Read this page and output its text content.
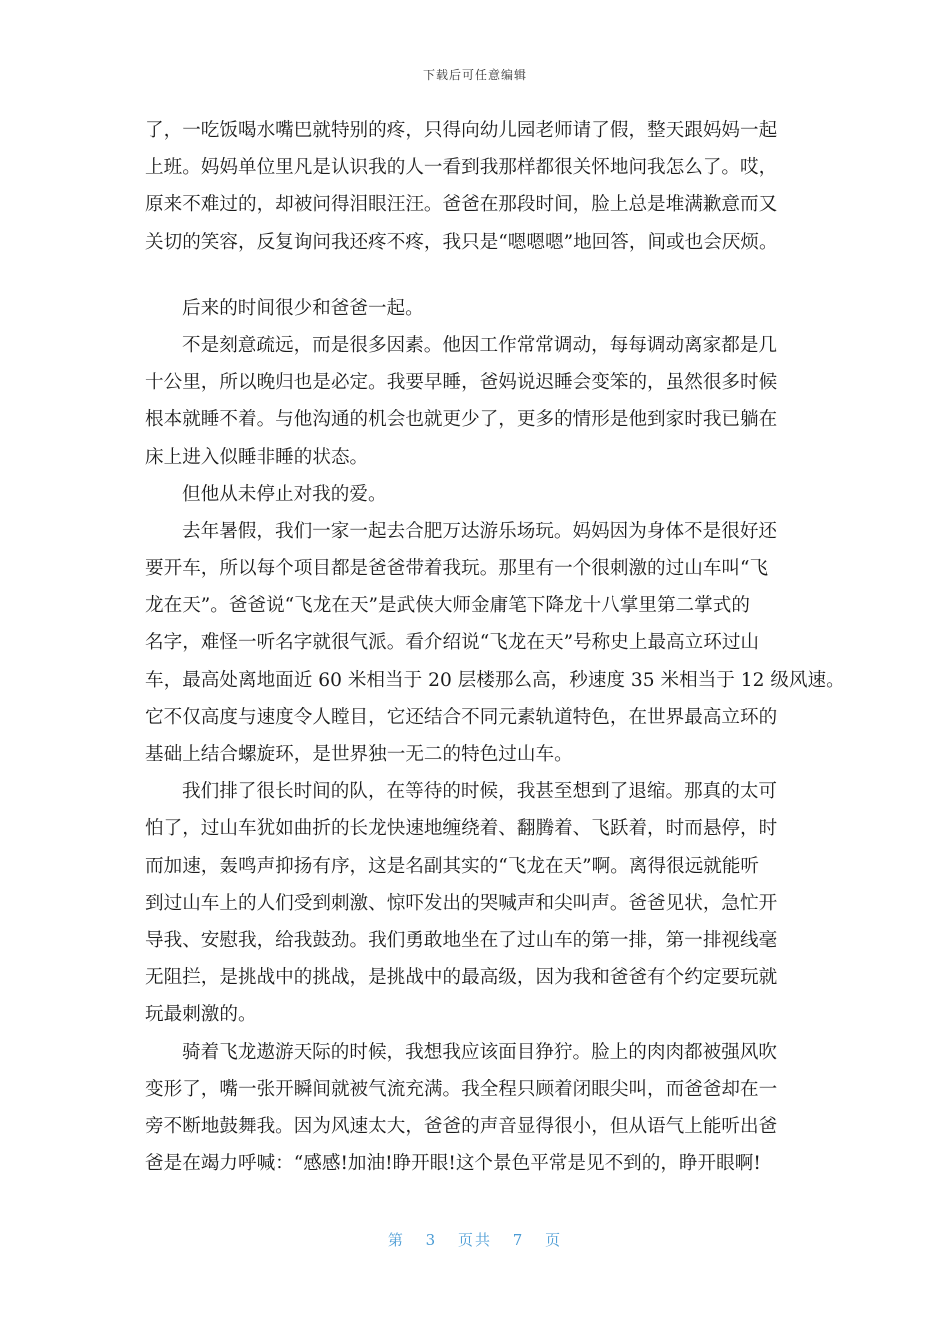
下载后可任意编辑
了，一吃饭喝水嘴巴就特别的疼，只得向幼儿园老师请了假，整天跟妈妈一起
上班。妈妈单位里凡是认识我的人一看到我那样都很关怀地问我怎么了。哎，
原来不难过的，却被问得泪眼汪汪。爸爸在那段时间，脸上总是堆满歉意而又
关切的笑容，反复询问我还疼不疼，我只是“嗯嗯嗯”地回答，间或也会厌烦。
后来的时间很少和爸爸一起。
不是刻意疏远，而是很多因素。他因工作常常调动，每每调动离家都是几
十公里，所以晚归也是必定。我要早睡，爸妈说迟睡会变笨的，虽然很多时候
根本就睡不着。与他沟通的机会也就更少了，更多的情形是他到家时我已躺在
床上进入似睡非睡的状态。
但他从未停止对我的爱。
去年暑假，我们一家一起去合肥万达游乐场玩。妈妈因为身体不是很好还
要开车，所以每个项目都是爸爸带着我玩。那里有一个很刺激的过山车叫“飞
龙在天”。爸爸说“飞龙在天”是武侠大师金庸笔下降龙十八掌里第二掌式的
名字，难怪一听名字就很气派。看介绍说“飞龙在天”号称史上最高立环过山
车，最高处离地面近 60 米相当于 20 层楼那么高，秒速度 35 米相当于 12 级风速。
它不仅高度与速度令人瞠目，它还结合不同元素轨道特色，在世界最高立环的
基础上结合螺旋环，是世界独一无二的特色过山车。
我们排了很长时间的队，在等待的时候，我甚至想到了退缩。那真的太可
怕了，过山车犹如曲折的长龙快速地缠绕着、翻腾着、飞跃着，时而悬停，时
而加速，轰鸣声抑扬有序，这是名副其实的“飞龙在天”啊。离得很远就能听
到过山车上的人们受到刺激、惊吓发出的哭喊声和尖叫声。爸爸见状，急忙开
导我、安慰我，给我鼓劲。我们勇敢地坐在了过山车的第一排，第一排视线毫
无阻拦，是挑战中的挑战，是挑战中的最高级，因为我和爸爸有个约定要玩就
玩最刺激的。
骑着飞龙遨游天际的时候，我想我应该面目狰狞。脸上的肉肉都被强风吹
变形了，嘴一张开瞬间就被气流充满。我全程只顾着闭眼尖叫，而爸爸却在一
旁不断地鼓舞我。因为风速太大，爸爸的声音显得很小，但从语气上能听出爸
爸是在竭力呼喊：“感感!加油!睁开眼!这个景色平常是见不到的，睁开眼啊!
第 3 页共 7 页
